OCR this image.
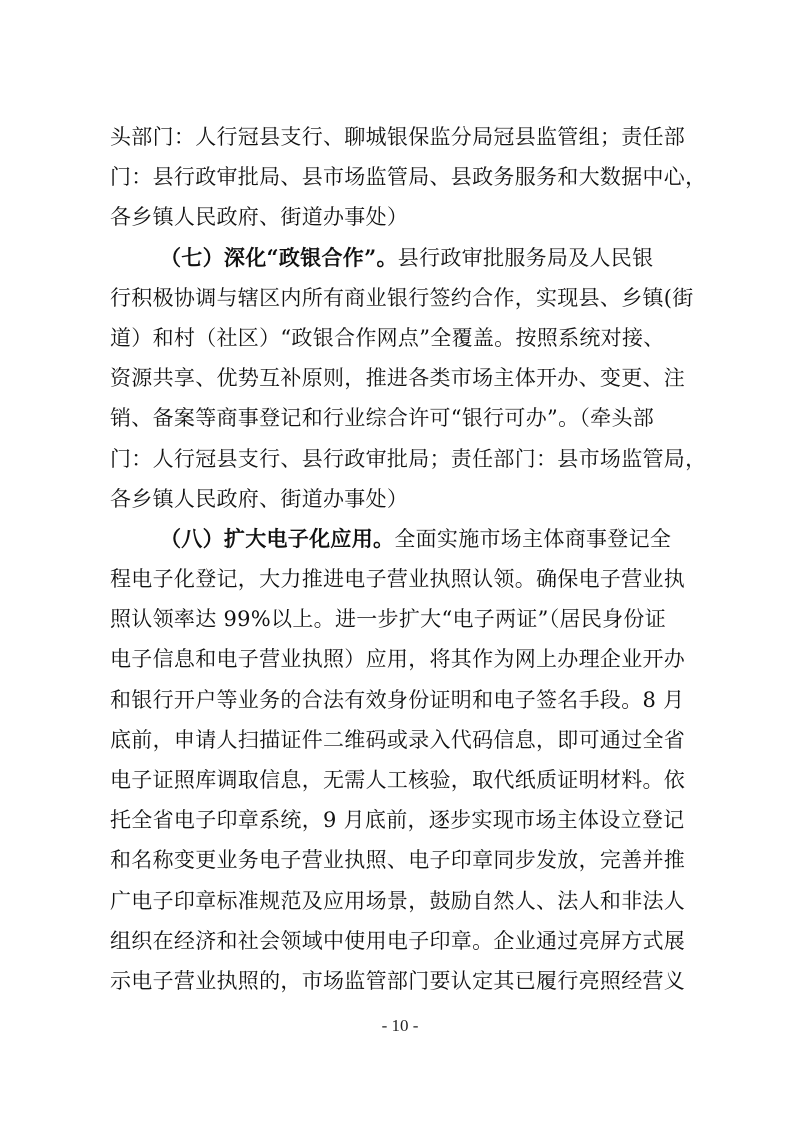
头部门：人行冠县支行、聊城银保监分局冠县监管组；责任部
门：县行政审批局、县市场监管局、县政务服务和大数据中心，
各乡镇人民政府、街道办事处）
（七）深化“政银合作”。县行政审批服务局及人民银
行积极协调与辖区内所有商业银行签约合作，实现县、乡镇(街
道）和村（社区）“政银合作网点”全覆盖。按照系统对接、
资源共享、优势互补原则，推进各类市场主体开办、变更、注
销、备案等商事登记和行业综合许可“银行可办”。（牵头部
门：人行冠县支行、县行政审批局；责任部门：县市场监管局，
各乡镇人民政府、街道办事处）
（八）扩大电子化应用。全面实施市场主体商事登记全
程电子化登记，大力推进电子营业执照认领。确保电子营业执
照认领率达 99%以上。进一步扩大“电子两证”（居民身份证
电子信息和电子营业执照）应用，将其作为网上办理企业开办
和银行开户等业务的合法有效身份证明和电子签名手段。8 月
底前，申请人扫描证件二维码或录入代码信息，即可通过全省
电子证照库调取信息，无需人工核验，取代纸质证明材料。依
托全省电子印章系统，9 月底前，逐步实现市场主体设立登记
和名称变更业务电子营业执照、电子印章同步发放，完善并推
广电子印章标准规范及应用场景，鼓励自然人、法人和非法人
组织在经济和社会领域中使用电子印章。企业通过亮屏方式展
示电子营业执照的，市场监管部门要认定其已履行亮照经营义
- 10 -
